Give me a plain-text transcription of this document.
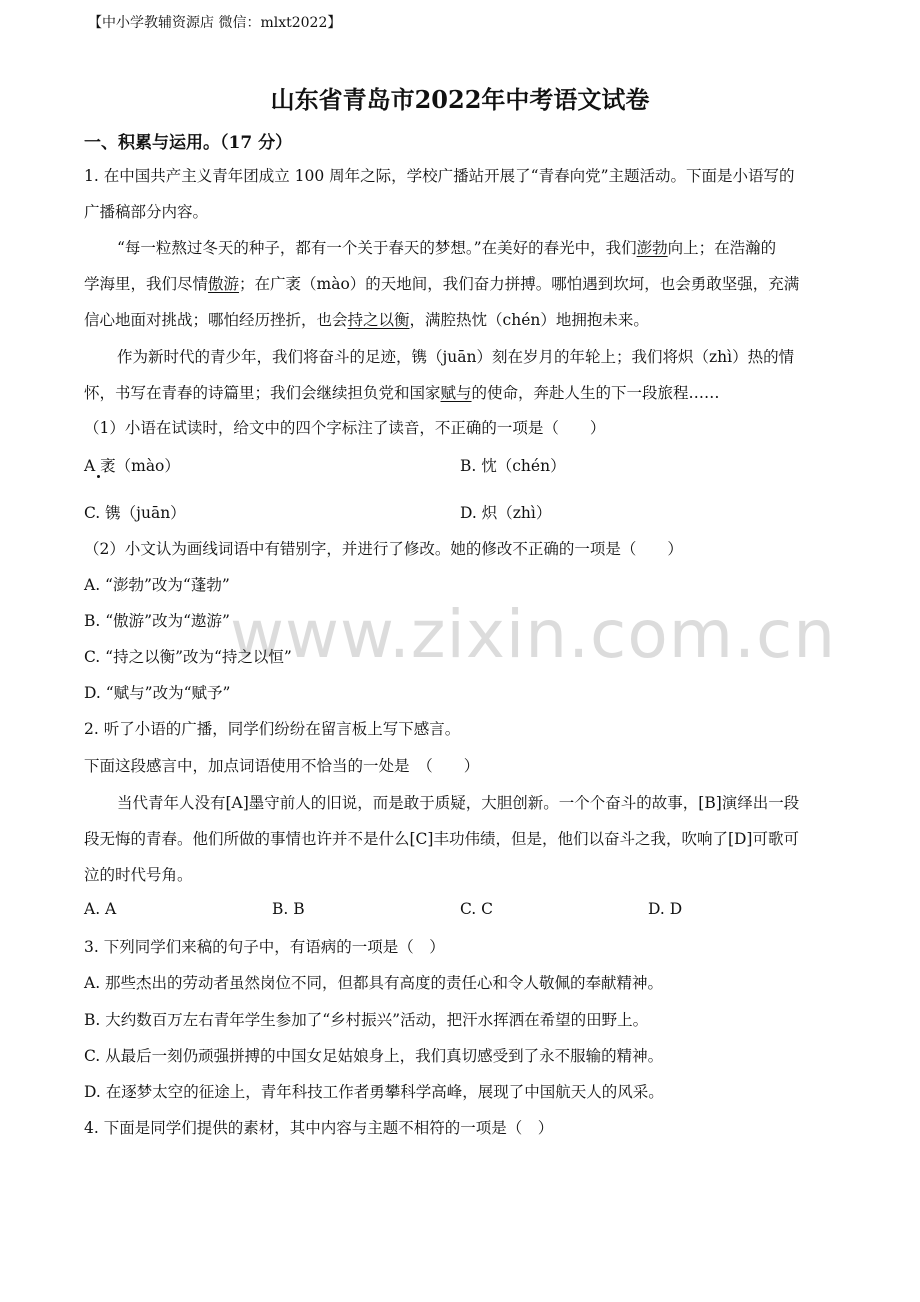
【中小学教辅资源店 微信：mlxt2022】
www.zixin.com.cn
山东省青岛市2022年中考语文试卷
一、积累与运用。（17 分）
1. 在中国共产主义青年团成立 100 周年之际，学校广播站开展了“青春向党”主题活动。下面是小语写的
广播稿部分内容。
“每一粒熬过冬天的种子，都有一个关于春天的梦想。”在美好的春光中，我们澎勃向上；在浩瀚的
学海里，我们尽情傲游；在广袤（mào）的天地间，我们奋力拼搏。哪怕遇到坎坷，也会勇敢坚强，充满
信心地面对挑战；哪怕经历挫折，也会持之以衡，满腔热忱（chén）地拥抱未来。
作为新时代的青少年，我们将奋斗的足迹，镌（juān）刻在岁月的年轮上；我们将炽（zhì）热的情
怀，书写在青春的诗篇里；我们会继续担负党和国家赋与的使命，奔赴人生的下一段旅程……
（1）小语在试读时，给文中的四个字标注了读音，不正确的一项是（　　）
A 袤（mào）	B. 忱（chén）
C. 镌（juān）	D. 炽（zhì）
（2）小文认为画线词语中有错别字，并进行了修改。她的修改不正确的一项是（　　）
A. “澎勃”改为“蓬勃”
B. “傲游”改为“遨游”
C. “持之以衡”改为“持之以恒”
D. “赋与”改为“赋予”
2. 听了小语的广播，同学们纷纷在留言板上写下感言。
下面这段感言中，加点词语使用不恰当的一处是　（　　）
当代青年人没有[A]墨守前人的旧说，而是敢于质疑，大胆创新。一个个奋斗的故事，[B]演绎出一段
段无悔的青春。他们所做的事情也许并不是什么[C]丰功伟绩，但是，他们以奋斗之我，吹响了[D]可歌可
泣的时代号角。
A. A	B. B	C. C	D. D
3. 下列同学们来稿的句子中，有语病的一项是（　）
A. 那些杰出的劳动者虽然岗位不同，但都具有高度的责任心和令人敬佩的奉献精神。
B. 大约数百万左右青年学生参加了“乡村振兴”活动，把汗水挥洒在希望的田野上。
C. 从最后一刻仍顽强拼搏的中国女足姑娘身上，我们真切感受到了永不服输的精神。
D. 在逐梦太空的征途上，青年科技工作者勇攀科学高峰，展现了中国航天人的风采。
4. 下面是同学们提供的素材，其中内容与主题不相符的一项是（　）
